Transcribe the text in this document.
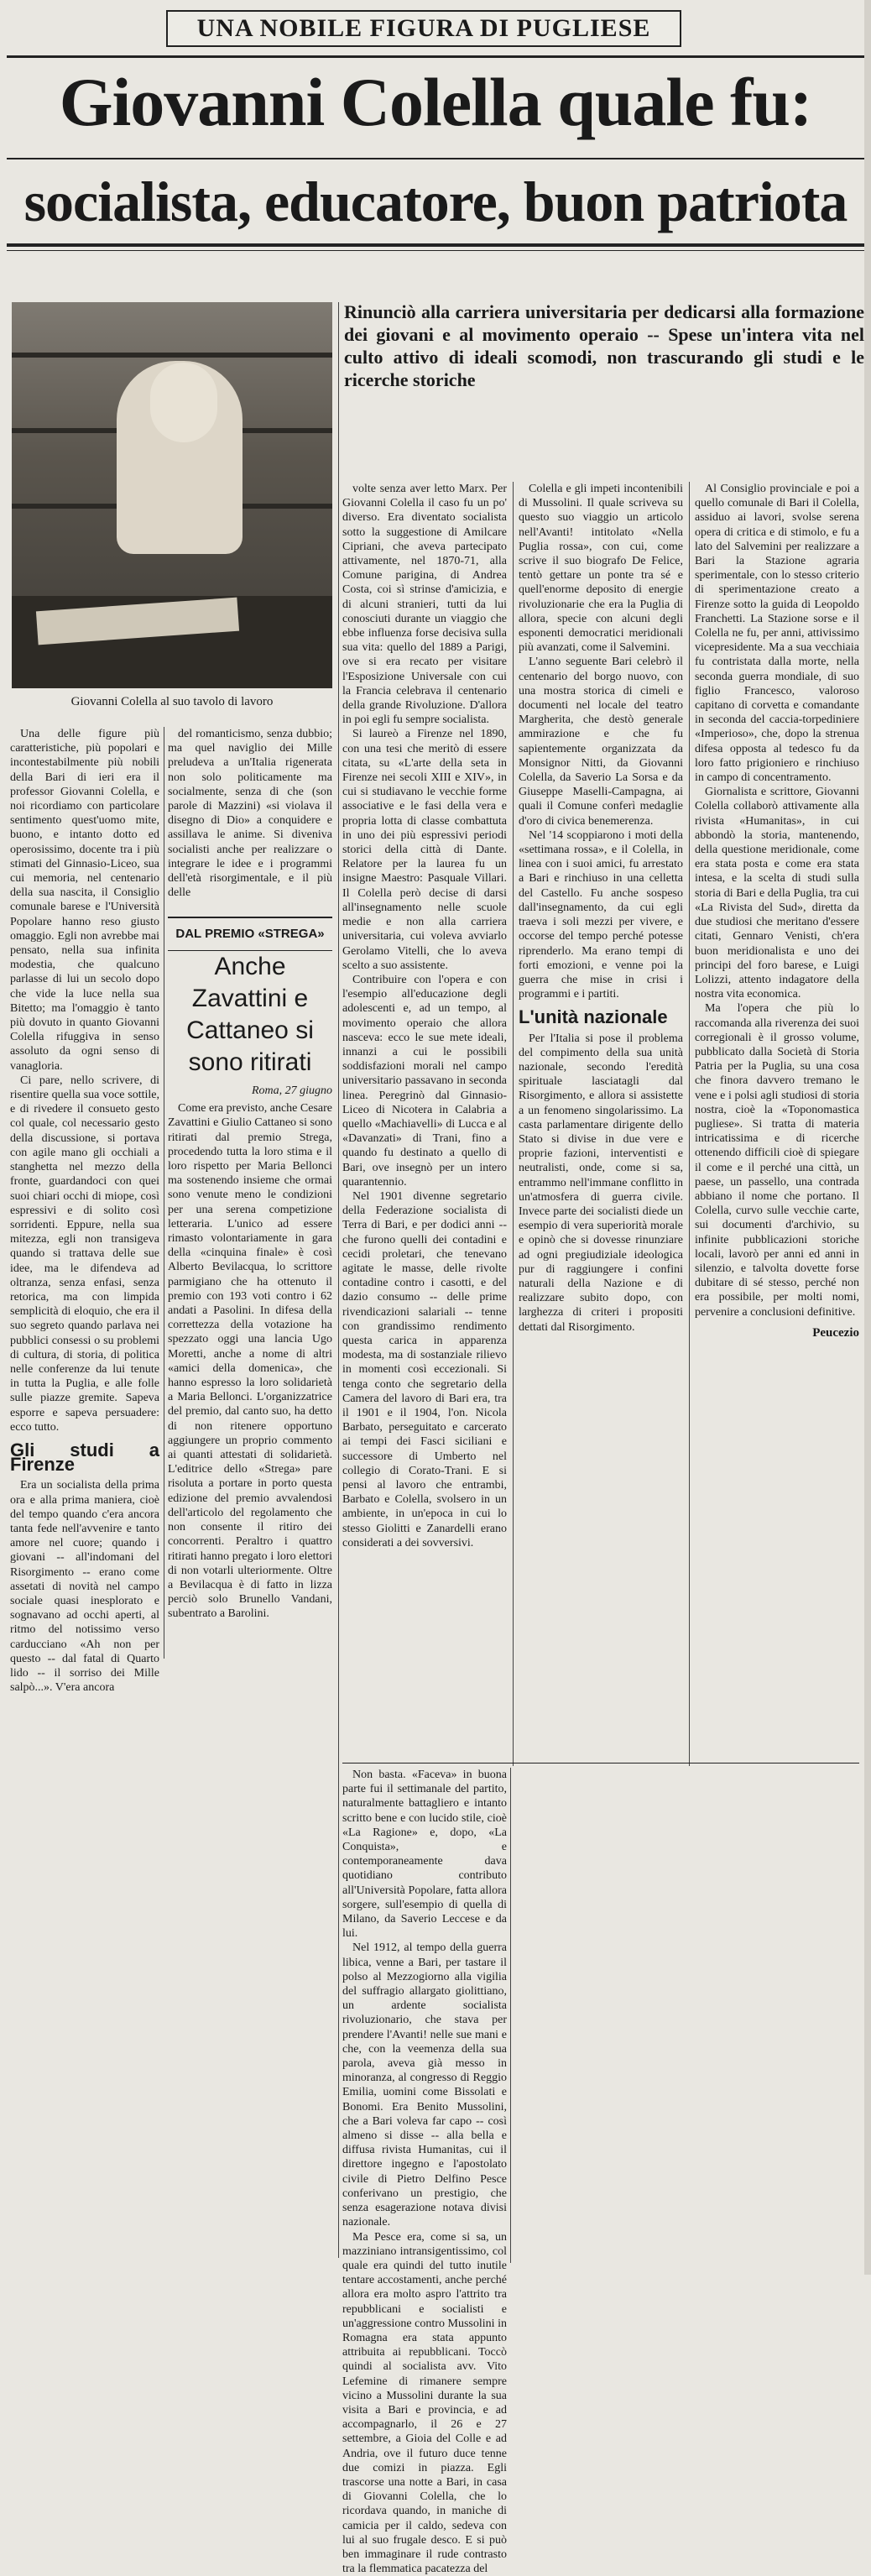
UNA NOBILE FIGURA DI PUGLIESE
Giovanni Colella quale fu:
socialista, educatore, buon patriota
Giovanni Colella al suo tavolo di lavoro
Rinunciò alla carriera universitaria per dedicarsi alla formazione dei giovani e al movimento operaio -- Spese un'intera vita nel culto attivo di ideali scomodi, non trascurando gli studi e le ricerche storiche

Una delle figure più caratteristiche, più popolari e incontestabilmente più nobili della Bari di ieri era il professor Giovanni Colella, e noi ricordiamo con particolare sentimento quest'uomo mite, buono, e intanto dotto ed operosissimo, docente tra i più stimati del Ginnasio-Liceo, sua cui memoria, nel centenario della sua nascita, il Consiglio comunale barese e l'Università Popolare hanno reso giusto omaggio. Egli non avrebbe mai pensato, nella sua infinita modestia, che qualcuno parlasse di lui un secolo dopo che vide la luce nella sua Bitetto; ma l'omaggio è tanto più dovuto in quanto Giovanni Colella rifuggiva in senso assoluto da ogni senso di vanagloria.

Ci pare, nello scrivere, di risentire quella sua voce sottile, e di rivedere il consueto gesto col quale, col necessario gesto della discussione, si portava con agile mano gli occhiali a stanghetta nel mezzo della fronte, guardandoci con quei suoi chiari occhi di miope, così espressivi e di solito così sorridenti. Eppure, nella sua mitezza, egli non transigeva quando si trattava delle sue idee, ma le difendeva ad oltranza, senza enfasi, senza retorica, ma con limpida semplicità di eloquio, che era il suo segreto quando parlava nei pubblici consessi o su problemi di cultura, di storia, di politica nelle conferenze da lui tenute in tutta la Puglia, e alle folle sulle piazze gremite. Sapeva esporre e sapeva persuadere: ecco tutto.

Gli studi a Firenze

Era un socialista della prima ora e alla prima maniera, cioè del tempo quando c'era ancora tanta fede nell'avvenire e tanto amore nel cuore; quando i giovani -- all'indomani del Risorgimento -- erano come assetati di novità nel campo sociale quasi inesplorato e sognavano ad occhi aperti, al ritmo del notissimo verso carducciano «Ah non per questo -- dal fatal di Quarto lido -- il sorriso dei Mille salpò...». V'era ancora

del romanticismo, senza dubbio; ma quel naviglio dei Mille preludeva a un'Italia rigenerata non solo politicamente ma socialmente, senza di che (son parole di Mazzini) «si violava il disegno di Dio» a conquidere e assillava le anime. Si diveniva socialisti anche per realizzare o integrare le idee e i programmi dell'età risorgimentale, e il più delle

DAL PREMIO «STREGA»
Anche Zavattini e Cattaneo si sono ritirati
Roma, 27 giugno

Come era previsto, anche Cesare Zavattini e Giulio Cattaneo si sono ritirati dal premio Strega, procedendo tutta la loro stima e il loro rispetto per Maria Bellonci ma sostenendo insieme che ormai sono venute meno le condizioni per una serena competizione letteraria. L'unico ad essere rimasto volontariamente in gara della «cinquina finale» è così Alberto Bevilacqua, lo scrittore parmigiano che ha ottenuto il premio con 193 voti contro i 62 andati a Pasolini. In difesa della correttezza della votazione ha spezzato oggi una lancia Ugo Moretti, anche a nome di altri «amici della domenica», che hanno espresso la loro solidarietà a Maria Bellonci. L'organizzatrice del premio, dal canto suo, ha detto di non ritenere opportuno aggiungere un proprio commento ai quanti attestati di solidarietà. L'editrice dello «Strega» pare risoluta a portare in porto questa edizione del premio avvalendosi dell'articolo del regolamento che non consente il ritiro dei concorrenti. Peraltro i quattro ritirati hanno pregato i loro elettori di non votarli ulteriormente. Oltre a Bevilacqua è di fatto in lizza perciò solo Brunello Vandani, subentrato a Barolini.

volte senza aver letto Marx. Per Giovanni Colella il caso fu un po' diverso. Era diventato socialista sotto la suggestione di Amilcare Cipriani, che aveva partecipato attivamente, nel 1870-71, alla Comune parigina, di Andrea Costa, coi sì strinse d'amicizia, e di alcuni stranieri, tutti da lui conosciuti durante un viaggio che ebbe influenza forse decisiva sulla sua vita: quello del 1889 a Parigi, ove si era recato per visitare l'Esposizione Universale con cui la Francia celebrava il centenario della grande Rivoluzione. D'allora in poi egli fu sempre socialista.

Si laureò a Firenze nel 1890, con una tesi che meritò di essere citata, su «L'arte della seta in Firenze nei secoli XIII e XIV», in cui si studiavano le vecchie forme associative e le fasi della vera e propria lotta di classe combattuta in uno dei più espressivi periodi storici della città di Dante. Relatore per la laurea fu un insigne Maestro: Pasquale Villari. Il Colella però decise di darsi all'insegnamento nelle scuole medie e non alla carriera universitaria, cui voleva avviarlo Gerolamo Vitelli, che lo aveva scelto a suo assistente.

Contribuire con l'opera e con l'esempio all'educazione degli adolescenti e, ad un tempo, al movimento operaio che allora nasceva: ecco le sue mete ideali, innanzi a cui le possibili soddisfazioni morali nel campo universitario passavano in seconda linea. Peregrinò dal Ginnasio-Liceo di Nicotera in Calabria a quello «Machiavelli» di Lucca e al «Davanzati» di Trani, fino a quando fu destinato a quello di Bari, ove insegnò per un intero quarantennio.

Nel 1901 divenne segretario della Federazione socialista di Terra di Bari, e per dodici anni -- che furono quelli dei contadini e cecidi proletari, che tenevano agitate le masse, delle rivolte contadine contro i casotti, e del dazio consumo -- delle prime rivendicazioni salariali -- tenne con grandissimo rendimento questa carica in apparenza modesta, ma di sostanziale rilievo in momenti così eccezionali. Si tenga conto che segretario della Camera del lavoro di Bari era, tra il 1901 e il 1904, l'on. Nicola Barbato, perseguitato e carcerato ai tempi dei Fasci siciliani e successore di Umberto nel collegio di Corato-Trani. E si pensi al lavoro che entrambi, Barbato e Colella, svolsero in un ambiente, in un'epoca in cui lo stesso Giolitti e Zanardelli erano considerati a dei sovversivi.

Colella e gli impeti incontenibili di Mussolini. Il quale scriveva su questo suo viaggio un articolo nell'Avanti! intitolato «Nella Puglia rossa», con cui, come scrive il suo biografo De Felice, tentò gettare un ponte tra sé e quell'enorme deposito di energie rivoluzionarie che era la Puglia di allora, specie con alcuni degli esponenti democratici meridionali più avanzati, come il Salvemini.

L'anno seguente Bari celebrò il centenario del borgo nuovo, con una mostra storica di cimeli e documenti nel locale del teatro Margherita, che destò generale ammirazione e che fu sapientemente organizzata da Monsignor Nitti, da Giovanni Colella, da Saverio La Sorsa e da Giuseppe Maselli-Campagna, ai quali il Comune conferì medaglie d'oro di civica benemerenza.

Nel '14 scoppiarono i moti della «settimana rossa», e il Colella, in linea con i suoi amici, fu arrestato a Bari e rinchiuso in una celletta del Castello. Fu anche sospeso dall'insegnamento, da cui egli traeva i soli mezzi per vivere, e occorse del tempo perché potesse riprenderlo. Ma erano tempi di forti emozioni, e venne poi la guerra che mise in crisi i programmi e i partiti.

L'unità nazionale

Per l'Italia si pose il problema del compimento della sua unità nazionale, secondo l'eredità spirituale lasciatagli dal Risorgimento, e allora si assistette a un fenomeno singolarissimo. La casta parlamentare dirigente dello Stato si divise in due vere e proprie fazioni, interventisti e neutralisti, onde, come si sa, entrammo nell'immane conflitto in un'atmosfera di guerra civile. Invece parte dei socialisti diede un esempio di vera superiorità morale e opinò che si dovesse rinunziare ad ogni pregiudiziale ideologica pur di raggiungere i confini naturali della Nazione e di realizzare subito dopo, con larghezza di criteri i propositi dettati dal Risorgimento.

Al Consiglio provinciale e poi a quello comunale di Bari il Colella, assiduo ai lavori, svolse serena opera di critica e di stimolo, e fu a lato del Salvemini per realizzare a Bari la Stazione agraria sperimentale, con lo stesso criterio di sperimentazione creato a Firenze sotto la guida di Leopoldo Franchetti. La Stazione sorse e il Colella ne fu, per anni, attivissimo vicepresidente. Ma a sua vecchiaia fu contristata dalla morte, nella seconda guerra mondiale, di suo figlio Francesco, valoroso capitano di corvetta e comandante in seconda del caccia-torpediniere «Imperioso», che, dopo la strenua difesa opposta al tedesco fu da loro fatto prigioniero e rinchiuso in campo di concentramento.

Giornalista e scrittore, Giovanni Colella collaborò attivamente alla rivista «Humanitas», in cui abbondò la storia, mantenendo, della questione meridionale, come era stata posta e come era stata intesa, e la scelta di studi sulla storia di Bari e della Puglia, tra cui «La Rivista del Sud», diretta da due studiosi che meritano d'essere citati, Gennaro Venisti, ch'era buon meridionalista e uno dei principi del foro barese, e Luigi Lolizzi, attento indagatore della nostra vita economica.

Ma l'opera che più lo raccomanda alla riverenza dei suoi corregionali è il grosso volume, pubblicato dalla Società di Storia Patria per la Puglia, su una cosa che finora davvero tremano le vene e i polsi agli studiosi di storia nostra, cioè la «Toponomastica pugliese». Si tratta di materia intricatissima e di ricerche ottenendo difficili cioè di spiegare il come e il perché una città, un paese, un passello, una contrada abbiano il nome che portano. Il Colella, curvo sulle vecchie carte, sui documenti d'archivio, su infinite pubblicazioni storiche locali, lavorò per anni ed anni in silenzio, e talvolta dovette forse dubitare di sé stesso, perché non era possibile, per molti nomi, pervenire a conclusioni definitive.

Peucezio

Non basta. «Faceva» in buona parte fui il settimanale del partito, naturalmente battagliero e intanto scritto bene e con lucido stile, cioè «La Ragione» e, dopo, «La Conquista», e contemporaneamente dava quotidiano contributo all'Università Popolare, fatta allora sorgere, sull'esempio di quella di Milano, da Saverio Leccese e da lui.

Nel 1912, al tempo della guerra libica, venne a Bari, per tastare il polso al Mezzogiorno alla vigilia del suffragio allargato giolittiano, un ardente socialista rivoluzionario, che stava per prendere l'Avanti! nelle sue mani e che, con la veemenza della sua parola, aveva già messo in minoranza, al congresso di Reggio Emilia, uomini come Bissolati e Bonomi. Era Benito Mussolini, che a Bari voleva far capo -- così almeno si disse -- alla bella e diffusa rivista Humanitas, cui il direttore ingegno e l'apostolato civile di Pietro Delfino Pesce conferivano un prestigio, che senza esagerazione notava divisi nazionale.

Ma Pesce era, come si sa, un mazziniano intransigentissimo, col quale era quindi del tutto inutile tentare accostamenti, anche perché allora era molto aspro l'attrito tra repubblicani e socialisti e un'aggressione contro Mussolini in Romagna era stata appunto attribuita ai repubblicani. Toccò quindi al socialista avv. Vito Lefemine di rimanere sempre vicino a Mussolini durante la sua visita a Bari e provincia, e ad accompagnarlo, il 26 e 27 settembre, a Gioia del Colle e ad Andria, ove il futuro duce tenne due comizi in piazza. Egli trascorse una notte a Bari, in casa di Giovanni Colella, che lo ricordava quando, in maniche di camicia per il caldo, sedeva con lui al suo frugale desco. E si può ben immaginare il rude contrasto tra la flemmatica pacatezza del
